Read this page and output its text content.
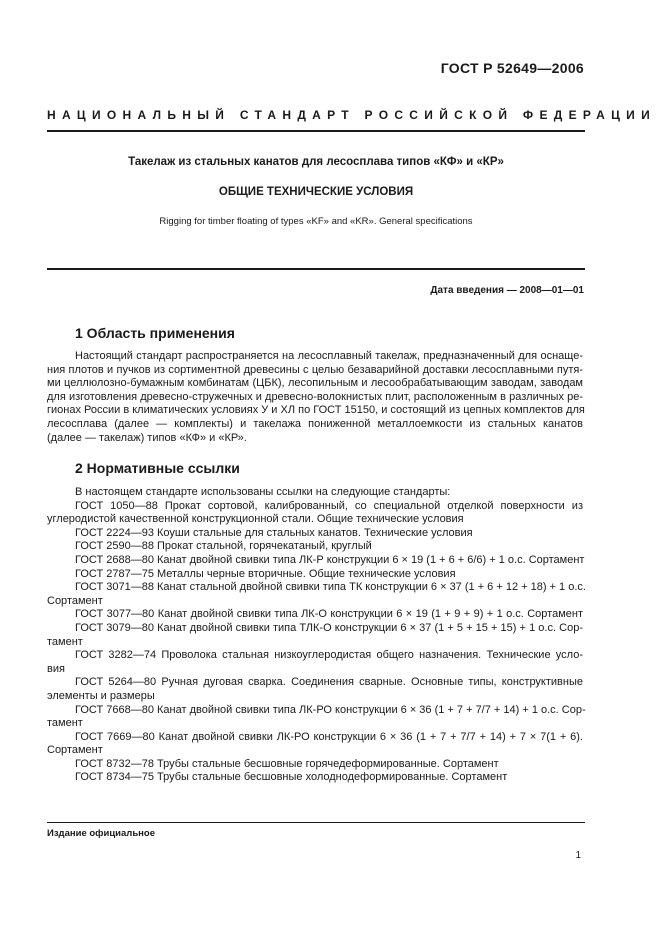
ГОСТ Р 52649—2006
НАЦИОНАЛЬНЫЙ СТАНДАРТ РОССИЙСКОЙ ФЕДЕРАЦИИ
Такелаж из стальных канатов для лесосплава типов «КФ» и «КР»
ОБЩИЕ ТЕХНИЧЕСКИЕ УСЛОВИЯ
Rigging for timber floating of types «KF» and «KR». General specifications
Дата введения — 2008—01—01
1 Область применения
Настоящий стандарт распространяется на лесосплавный такелаж, предназначенный для оснаще-
ния плотов и пучков из сортиментной древесины с целью безаварийной доставки лесосплавными путя-
ми целлюлозно-бумажным комбинатам (ЦБК), лесопильным и лесообрабатывающим заводам, заводам
для изготовления древесно-стружечных и древесно-волокнистых плит, расположенным в различных ре-
гионах России в климатических условиях У и ХЛ по ГОСТ 15150, и состоящий из цепных комплектов для
лесосплава (далее — комплекты) и такелажа пониженной металлоемкости из стальных канатов
(далее — такелаж) типов «КФ» и «КР».
2 Нормативные ссылки
В настоящем стандарте использованы ссылки на следующие стандарты:
ГОСТ 1050—88 Прокат сортовой, калиброванный, со специальной отделкой поверхности из
углеродистой качественной конструкционной стали. Общие технические условия
ГОСТ 2224—93 Коуши стальные для стальных канатов. Технические условия
ГОСТ 2590—88 Прокат стальной, горячекатаный, круглый
ГОСТ 2688—80 Канат двойной свивки типа ЛК-Р конструкции 6 × 19 (1 + 6 + 6/6) + 1 о.с. Сортамент
ГОСТ 2787—75 Металлы черные вторичные. Общие технические условия
ГОСТ 3071—88 Канат стальной двойной свивки типа ТК конструкции 6 × 37 (1 + 6 + 12 + 18) + 1 о.с.
Сортамент
ГОСТ 3077—80 Канат двойной свивки типа ЛК-О конструкции 6 × 19 (1 + 9 + 9) + 1 о.с. Сортамент
ГОСТ 3079—80 Канат двойной свивки типа ТЛК-О конструкции 6 × 37 (1 + 5 + 15 + 15) + 1 о.с. Сор-
тамент
ГОСТ 3282—74 Проволока стальная низкоуглеродистая общего назначения. Технические усло-
вия
ГОСТ 5264—80 Ручная дуговая сварка. Соединения сварные. Основные типы, конструктивные
элементы и размеры
ГОСТ 7668—80 Канат двойной свивки типа ЛК-РО конструкции 6 × 36 (1 + 7 + 7/7 + 14) + 1 о.с. Сор-
тамент
ГОСТ 7669—80 Канат двойной свивки ЛК-РО конструкции 6 × 36 (1 + 7 + 7/7 + 14) + 7 × 7(1 + 6).
Сортамент
ГОСТ 8732—78 Трубы стальные бесшовные горячедеформированные. Сортамент
ГОСТ 8734—75 Трубы стальные бесшовные холоднодеформированные. Сортамент
Издание официальное
1
